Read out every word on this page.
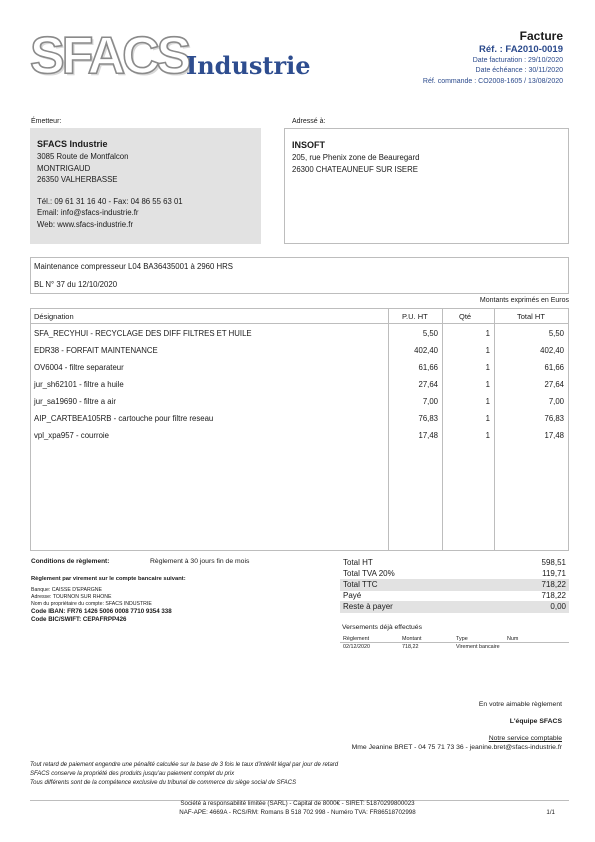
SFACS
Industrie
Facture
Réf. : FA2010-0019
Date facturation : 29/10/2020
Date échéance : 30/11/2020
Réf. commande : CO2008-1605 / 13/08/2020
Émetteur:
SFACS Industrie
3085 Route de Montfalcon
MONTRIGAUD
26350 VALHERBASSE
Tél.: 09 61 31 16 40 - Fax: 04 86 55 63 01
Email: info@sfacs-industrie.fr
Web: www.sfacs-industrie.fr
Adressé à:
INSOFT
205, rue Phenix zone de Beauregard
26300 CHATEAUNEUF SUR ISERE
Maintenance compresseur L04 BA36435001 à 2960 HRS
BL N° 37 du 12/10/2020
Montants exprimés en Euros
Désignation	P.U. HT	Qté	Total HT
SFA_RECYHUI - RECYCLAGE DES DIFF FILTRES ET HUILE	5,50	1	5,50
EDR38 - FORFAIT MAINTENANCE	402,40	1	402,40
OV6004 - filtre separateur	61,66	1	61,66
jur_sh62101 - filtre a huile	27,64	1	27,64
jur_sa19690 - filtre a air	7,00	1	7,00
AIP_CARTBEA105RB - cartouche pour filtre reseau	76,83	1	76,83
vpl_xpa957 - courroie	17,48	1	17,48
Conditions de règlement:	Règlement à 30 jours fin de mois
Règlement par virement sur le compte bancaire suivant:
Banque: CAISSE D'EPARGNE
Adresse: TOURNON SUR RHONE
Nom du propriétaire du compte: SFACS INDUSTRIE
Code IBAN: FR76 1426 5006 0008 7710 9354 338
Code BIC/SWIFT: CEPAFRPP426
Total HT	598,51
Total TVA 20%	119,71
Total TTC	718,22
Payé	718,22
Reste à payer	0,00
Versements déjà effectués
Règlement	Montant	Type	Num
02/12/2020	718,22	Virement bancaire
En votre aimable règlement
L'équipe SFACS
Notre service comptable
Mme Jeanine BRET - 04 75 71 73 36 - jeanine.bret@sfacs-industrie.fr
Tout retard de paiement engendre une pénalité calculée sur la base de 3 fois le taux d'intérêt légal par jour de retard
SFACS conserve la propriété des produits jusqu'au paiement complet du prix
Tous différents sont de la compétence exclusive du tribunal de commerce du siège social de SFACS
Société à responsabilité limitée (SARL) - Capital de 8000€ - SIRET: 51870299800023
NAF-APE: 4669A - RCS/RM: Romans B 518 702 998 - Numéro TVA: FR86518702998	1/1
